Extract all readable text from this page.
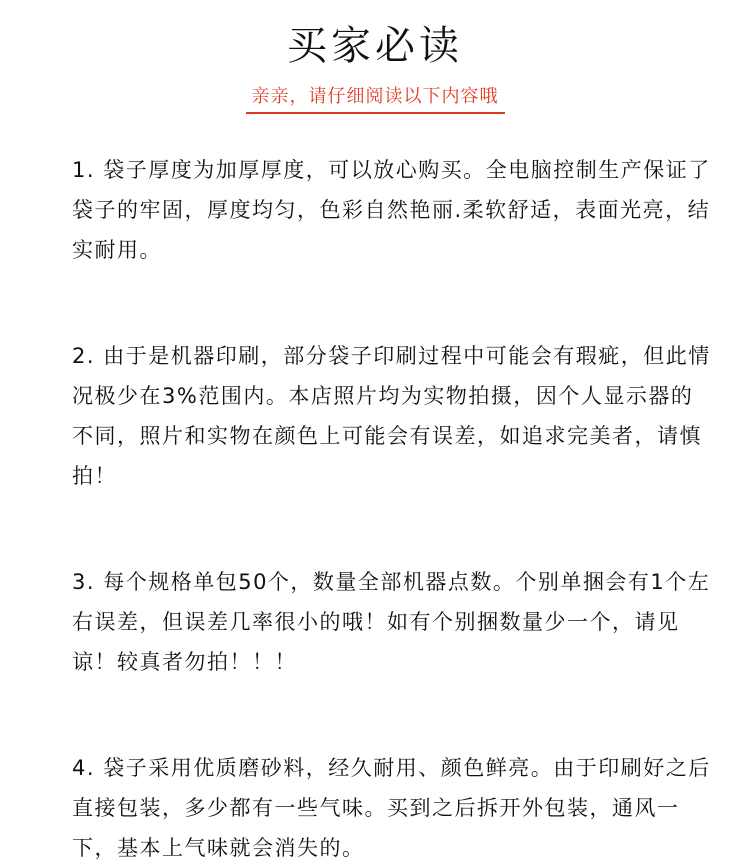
买家必读
亲亲，请仔细阅读以下内容哦

1. 袋子厚度为加厚厚度，可以放心购买。全电脑控制生产保证了袋子的牢固，厚度均匀，色彩自然艳丽.柔软舒适，表面光亮，结实耐用。

2. 由于是机器印刷，部分袋子印刷过程中可能会有瑕疵，但此情况极少在3%范围内。本店照片均为实物拍摄，因个人显示器的不同，照片和实物在颜色上可能会有误差，如追求完美者，请慎拍！

3. 每个规格单包50个，数量全部机器点数。个别单捆会有1个左右误差，但误差几率很小的哦！如有个别捆数量少一个，请见谅！较真者勿拍！！！

4. 袋子采用优质磨砂料，经久耐用、颜色鲜亮。由于印刷好之后直接包装，多少都有一些气味。买到之后拆开外包装，通风一下，基本上气味就会消失的。
